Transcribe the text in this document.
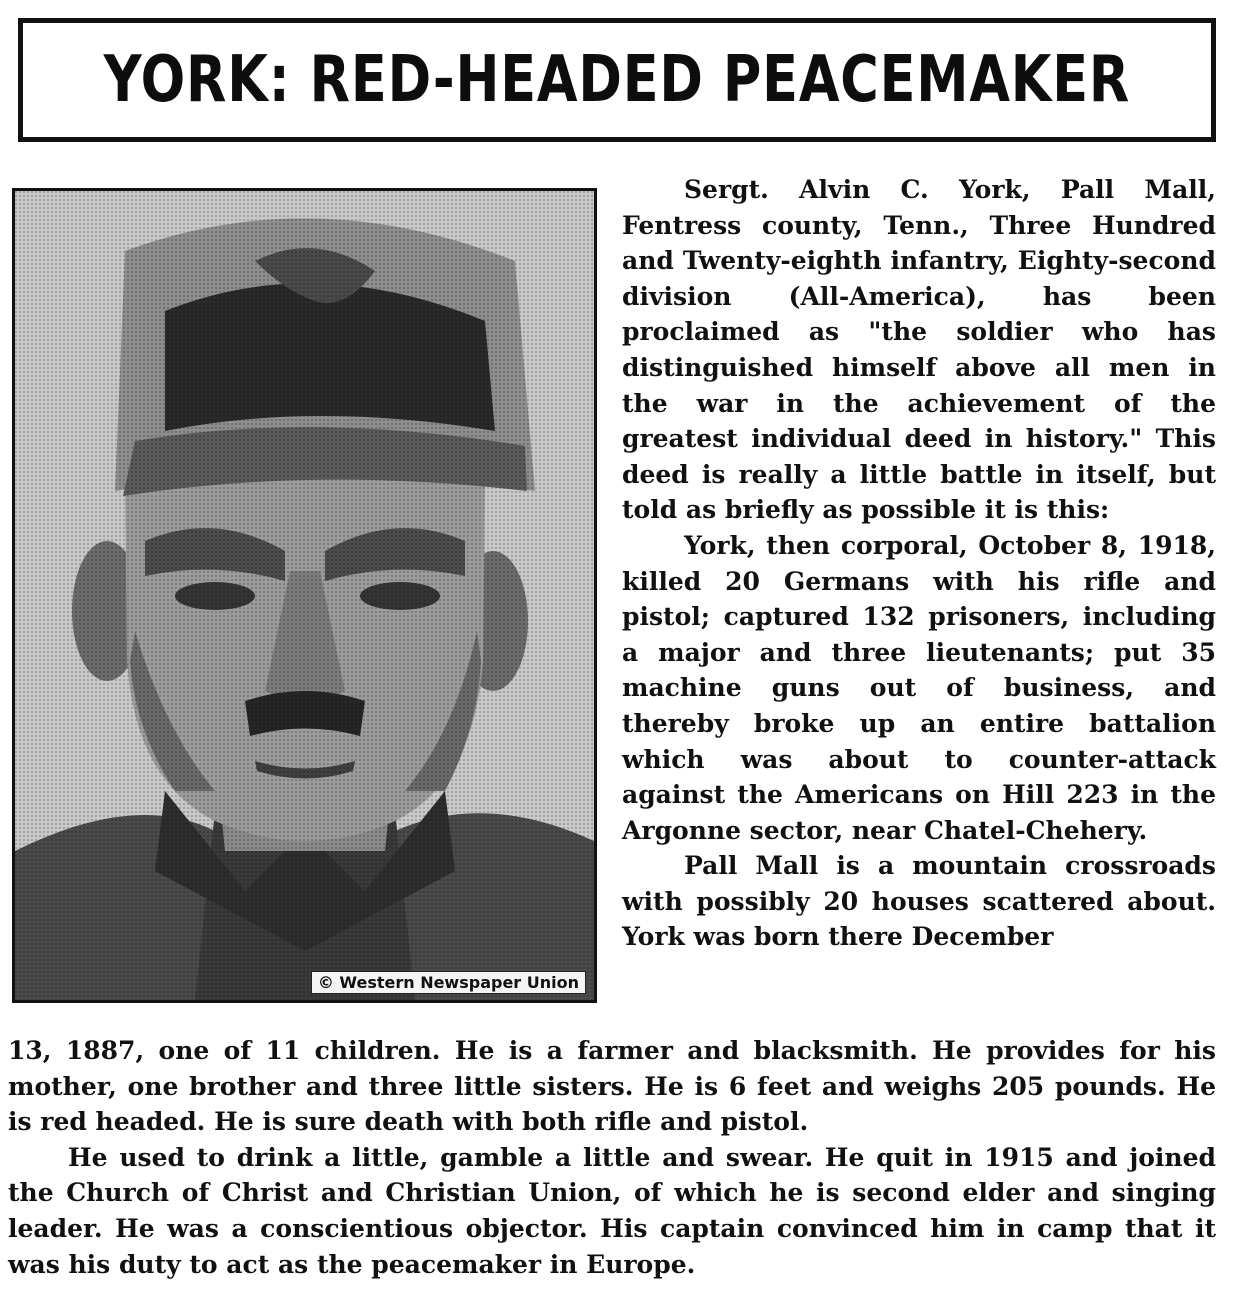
YORK: RED-HEADED PEACEMAKER
© Western Newspaper Union

Sergt. Alvin C. York, Pall Mall, Fentress county, Tenn., Three Hundred and Twenty-eighth infantry, Eighty-second division (All-America), has been proclaimed as "the soldier who has distinguished himself above all men in the war in the achievement of the greatest individual deed in history." This deed is really a little battle in itself, but told as briefly as possible it is this:

York, then corporal, October 8, 1918, killed 20 Germans with his rifle and pistol; captured 132 prisoners, including a major and three lieutenants; put 35 machine guns out of business, and thereby broke up an entire battalion which was about to counter-attack against the Americans on Hill 223 in the Argonne sector, near Chatel-Chehery.

Pall Mall is a mountain crossroads with possibly 20 houses scattered about. York was born there December

13, 1887, one of 11 children. He is a farmer and blacksmith. He provides for his mother, one brother and three little sisters. He is 6 feet and weighs 205 pounds. He is red headed. He is sure death with both rifle and pistol.

He used to drink a little, gamble a little and swear. He quit in 1915 and joined the Church of Christ and Christian Union, of which he is second elder and singing leader. He was a conscientious objector. His captain convinced him in camp that it was his duty to act as the peacemaker in Europe.
